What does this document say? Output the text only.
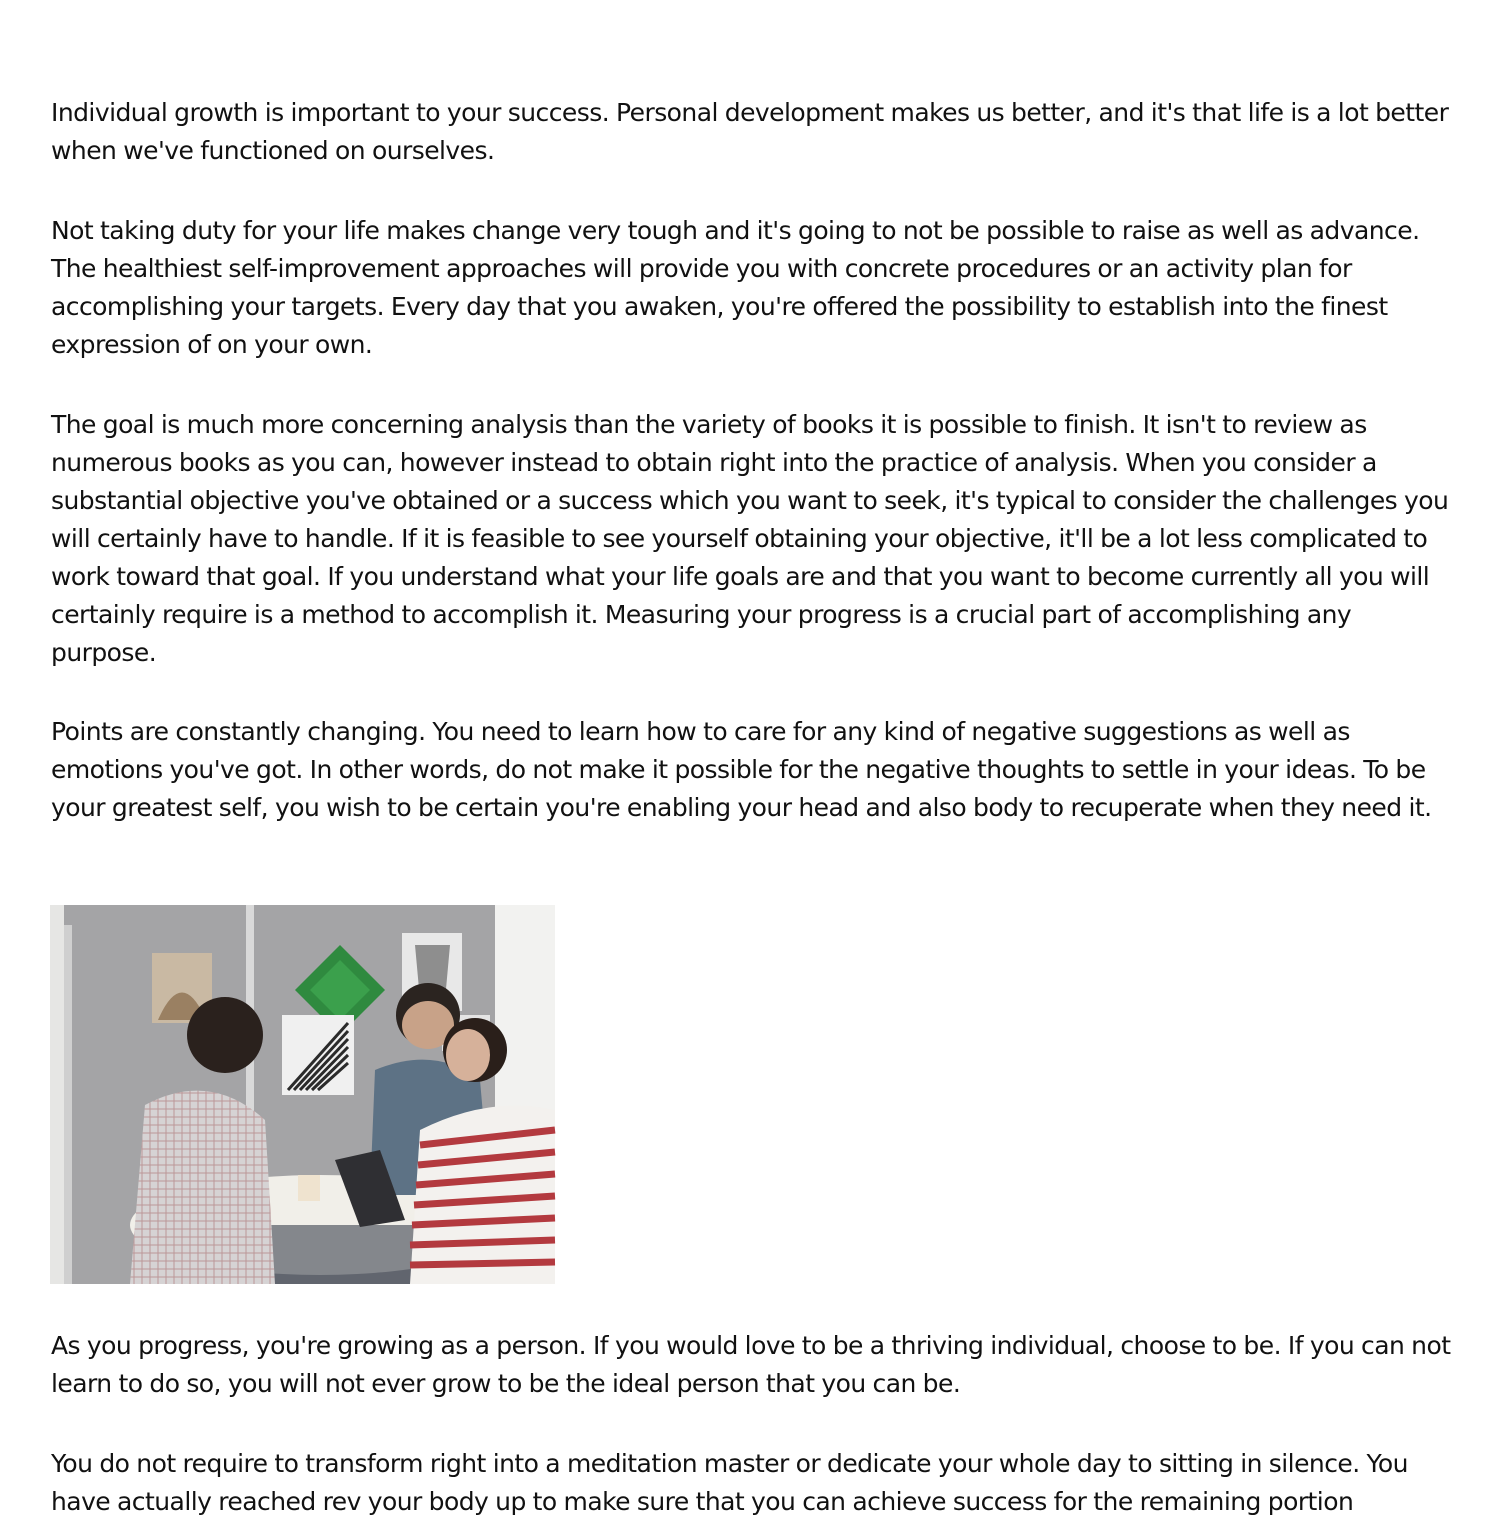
Individual growth is important to your success. Personal development makes us better, and it's that life is a lot better when we've functioned on ourselves.

Not taking duty for your life makes change very tough and it's going to not be possible to raise as well as advance. The healthiest self-improvement approaches will provide you with concrete procedures or an activity plan for accomplishing your targets. Every day that you awaken, you're offered the possibility to establish into the finest expression of on your own.

The goal is much more concerning analysis than the variety of books it is possible to finish. It isn't to review as numerous books as you can, however instead to obtain right into the practice of analysis. When you consider a substantial objective you've obtained or a success which you want to seek, it's typical to consider the challenges you will certainly have to handle. If it is feasible to see yourself obtaining your objective, it'll be a lot less complicated to work toward that goal. If you understand what your life goals are and that you want to become currently all you will certainly require is a method to accomplish it. Measuring your progress is a crucial part of accomplishing any purpose.

Points are constantly changing. You need to learn how to care for any kind of negative suggestions as well as emotions you've got. In other words, do not make it possible for the negative thoughts to settle in your ideas. To be your greatest self, you wish to be certain you're enabling your head and also body to recuperate when they need it.

As you progress, you're growing as a person. If you would love to be a thriving individual, choose to be. If you can not learn to do so, you will not ever grow to be the ideal person that you can be.

You do not require to transform right into a meditation master or dedicate your whole day to sitting in silence. You have actually reached rev your body up to make sure that you can achieve success for the remaining portion
